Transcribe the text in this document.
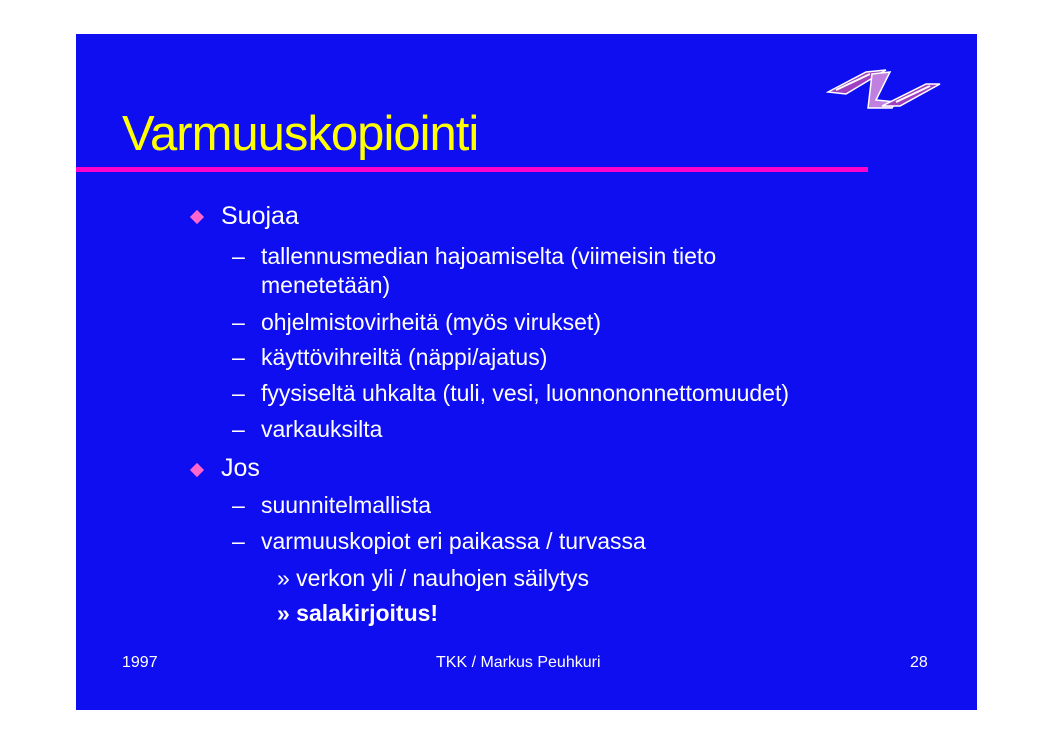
Varmuuskopiointi
Suojaa
– tallennusmedian hajoamiselta (viimeisin tieto
menetetään)
– ohjelmistovirheitä (myös virukset)
– käyttövihreiltä (näppi/ajatus)
– fyysiseltä uhkalta (tuli, vesi, luonnononnettomuudet)
– varkauksilta
Jos
– suunnitelmallista
– varmuuskopiot eri paikassa / turvassa
» verkon yli / nauhojen säilytys
» salakirjoitus!
1997	TKK / Markus Peuhkuri	28
